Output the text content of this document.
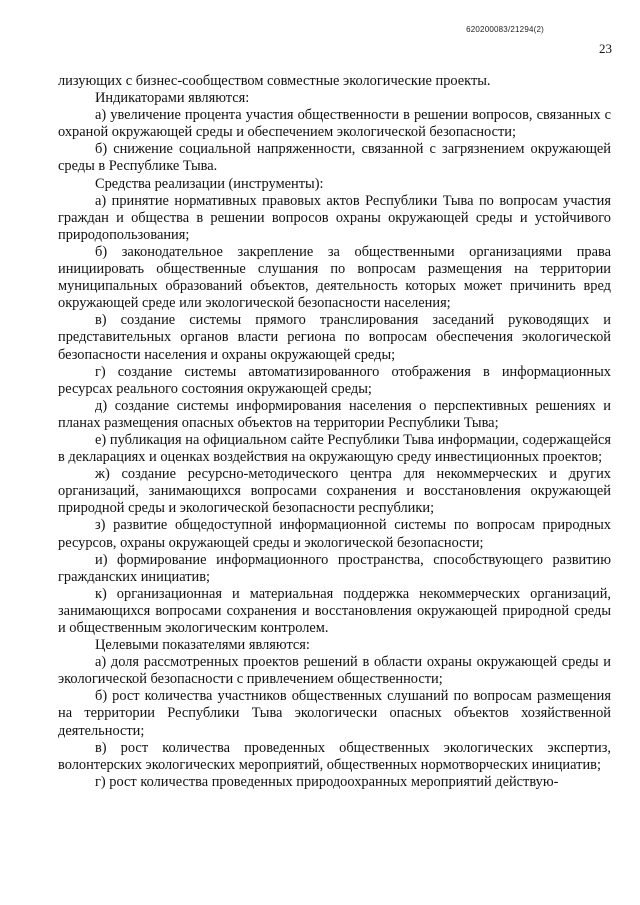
620200083/21294(2)
23

лизующих с бизнес-сообществом совместные экологические проекты.

Индикаторами являются:

а) увеличение процента участия общественности в решении вопросов, связанных с охраной окружающей среды и обеспечением экологической безопасности;

б) снижение социальной напряженности, связанной с загрязнением окружающей среды в Республике Тыва.

Средства реализации (инструменты):

а) принятие нормативных правовых актов Республики Тыва по вопросам участия граждан и общества в решении вопросов охраны окружающей среды и устойчивого природопользования;

б) законодательное закрепление за общественными организациями права инициировать общественные слушания по вопросам размещения на территории муниципальных образований объектов, деятельность которых может причинить вред окружающей среде или экологической безопасности населения;

в) создание системы прямого транслирования заседаний руководящих и представительных органов власти региона по вопросам обеспечения экологической безопасности населения и охраны окружающей среды;

г) создание системы автоматизированного отображения в информационных ресурсах реального состояния окружающей среды;

д) создание системы информирования населения о перспективных решениях и планах размещения опасных объектов на территории Республики Тыва;

е) публикация на официальном сайте Республики Тыва информации, содержащейся в декларациях и оценках воздействия на окружающую среду инвестиционных проектов;

ж) создание ресурсно-методического центра для некоммерческих и других организаций, занимающихся вопросами сохранения и восстановления окружающей природной среды и экологической безопасности республики;

з) развитие общедоступной информационной системы по вопросам природных ресурсов, охраны окружающей среды и экологической безопасности;

и) формирование информационного пространства, способствующего развитию гражданских инициатив;

к) организационная и материальная поддержка некоммерческих организаций, занимающихся вопросами сохранения и восстановления окружающей природной среды и общественным экологическим контролем.

Целевыми показателями являются:

а) доля рассмотренных проектов решений в области охраны окружающей среды и экологической безопасности с привлечением общественности;

б) рост количества участников общественных слушаний по вопросам размещения на территории Республики Тыва экологически опасных объектов хозяйственной деятельности;

в) рост количества проведенных общественных экологических экспертиз, волонтерских экологических мероприятий, общественных нормотворческих инициатив;

г) рост количества проведенных природоохранных мероприятий действую-
